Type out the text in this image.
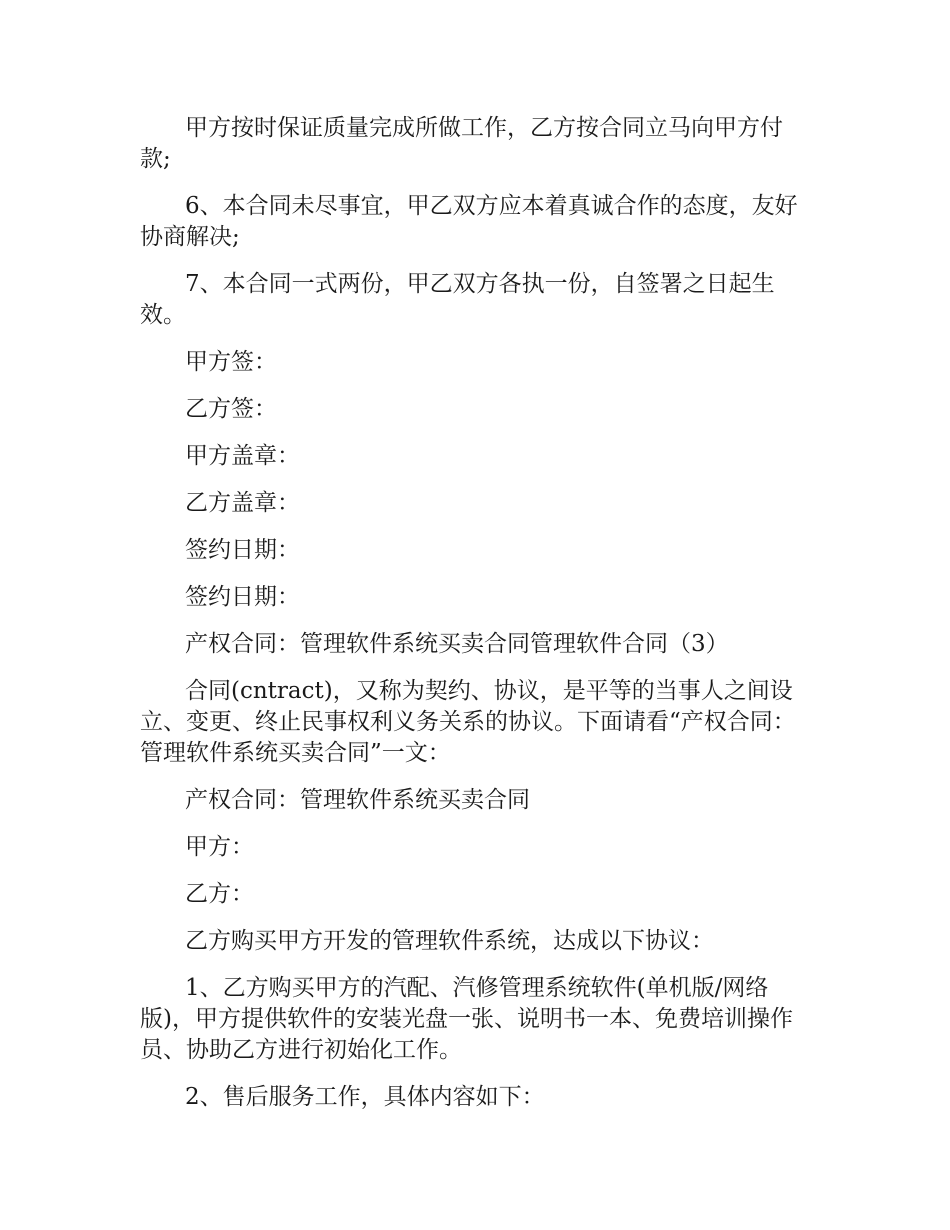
甲方按时保证质量完成所做工作，乙方按合同立马向甲方付款;

6、本合同未尽事宜，甲乙双方应本着真诚合作的态度，友好协商解决;

7、本合同一式两份，甲乙双方各执一份，自签署之日起生效。

甲方签：

乙方签：

甲方盖章：

乙方盖章：

签约日期：

签约日期：

产权合同：管理软件系统买卖合同管理软件合同（3）

合同(cntract)，又称为契约、协议，是平等的当事人之间设立、变更、终止民事权利义务关系的协议。下面请看“产权合同：管理软件系统买卖合同”一文：

产权合同：管理软件系统买卖合同

甲方：

乙方：

乙方购买甲方开发的管理软件系统，达成以下协议：

1、乙方购买甲方的汽配、汽修管理系统软件(单机版/网络版)，甲方提供软件的安装光盘一张、说明书一本、免费培训操作员、协助乙方进行初始化工作。

2、售后服务工作，具体内容如下：
